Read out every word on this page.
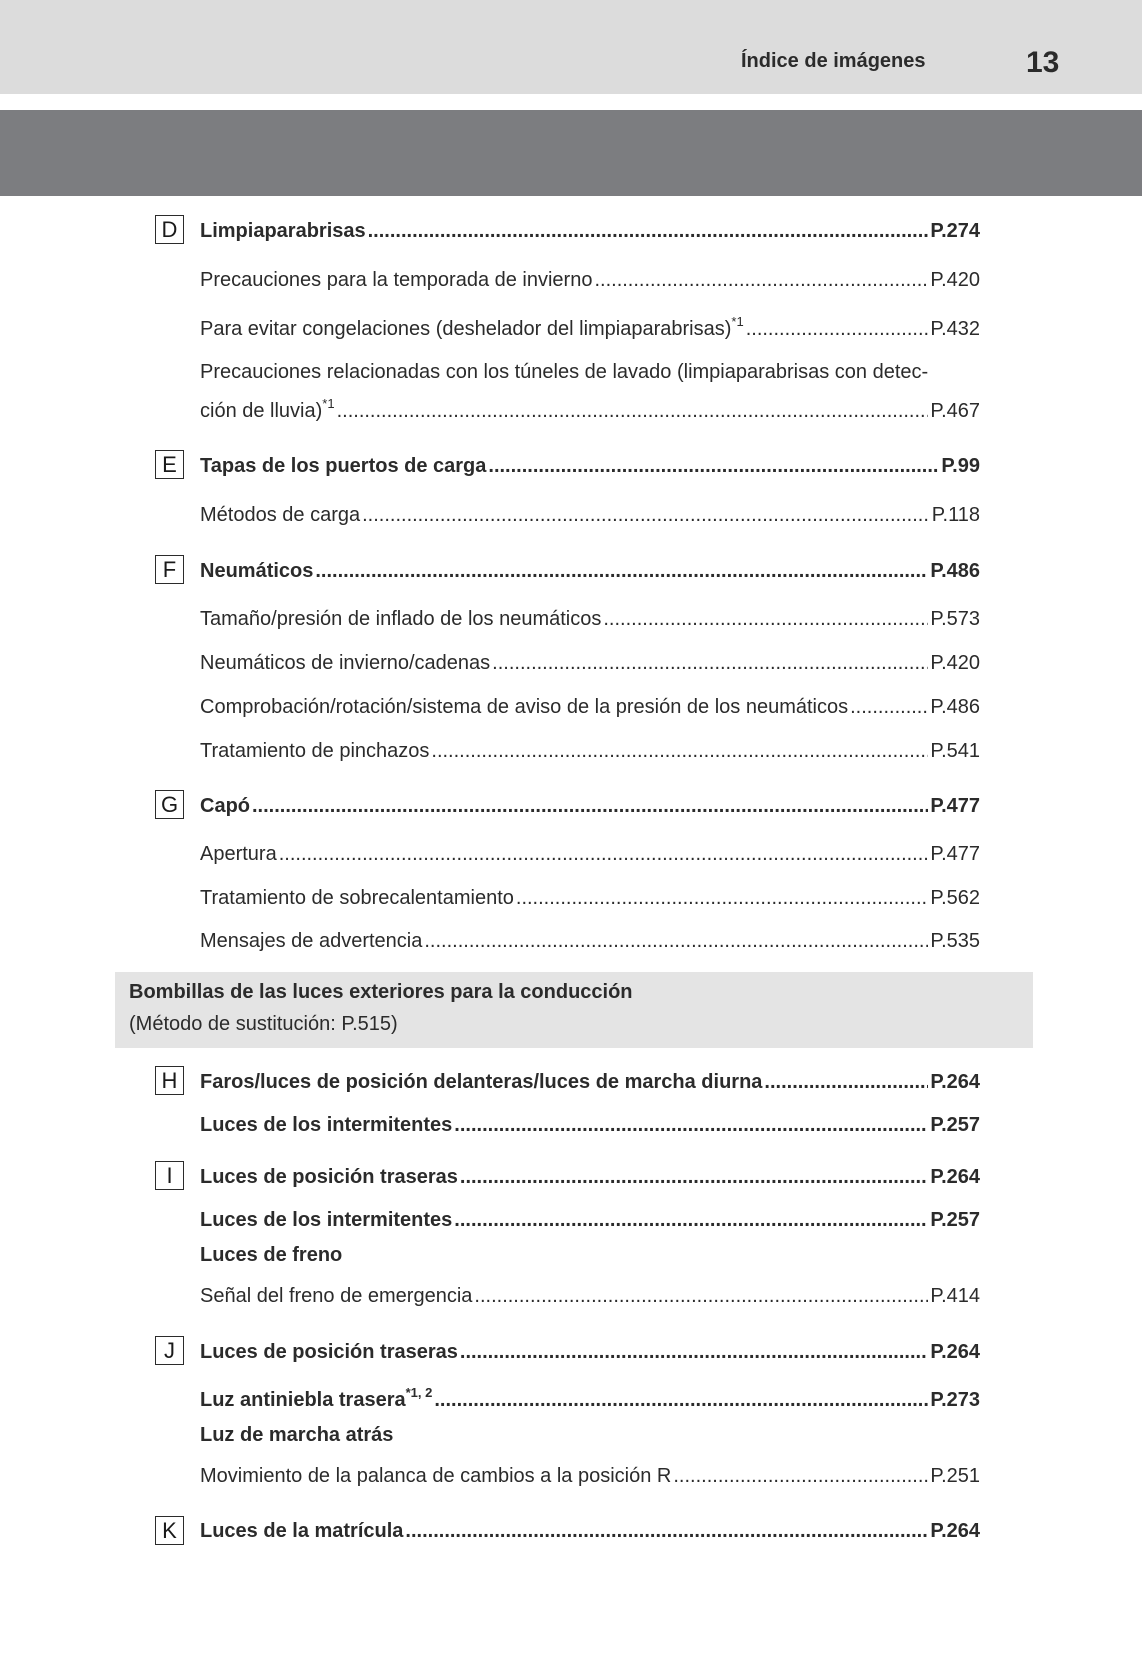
Índice de imágenes	13
D	Limpiaparabrisas .....	P.274
Precauciones para la temporada de invierno .....	P.420
Para evitar congelaciones (deshelador del limpiaparabrisas)$^{*1}$ .....	P.432
Precauciones relacionadas con los túneles de lavado (limpiaparabrisas con detec-
ción de lluvia)$^{*1}$ .....	P.467
E	Tapas de los puertos de carga .....	P.99
Métodos de carga .....	P.118
F	Neumáticos .....	P.486
Tamaño/presión de inflado de los neumáticos .....	P.573
Neumáticos de invierno/cadenas .....	P.420
Comprobación/rotación/sistema de aviso de la presión de los neumáticos .....	P.486
Tratamiento de pinchazos .....	P.541
G Capó .....	P.477
Apertura .....	P.477
Tratamiento de sobrecalentamiento .....	P.562
Mensajes de advertencia .....	P.535
Bombillas de las luces exteriores para la conducción
(Método de sustitución: P.515)
H	Faros/luces de posición delanteras/luces de marcha diurna .....	P.264
Luces de los intermitentes .....	P.257
I	Luces de posición traseras .....	P.264
Luces de los intermitentes .....	P.257
Luces de freno
Señal del freno de emergencia .....	P.414
J	Luces de posición traseras .....	P.264
Luz antiniebla trasera$^{*1, 2}$ .....	P.273
Luz de marcha atrás
Movimiento de la palanca de cambios a la posición R .....	P.251
K	Luces de la matrícula .....	P.264
